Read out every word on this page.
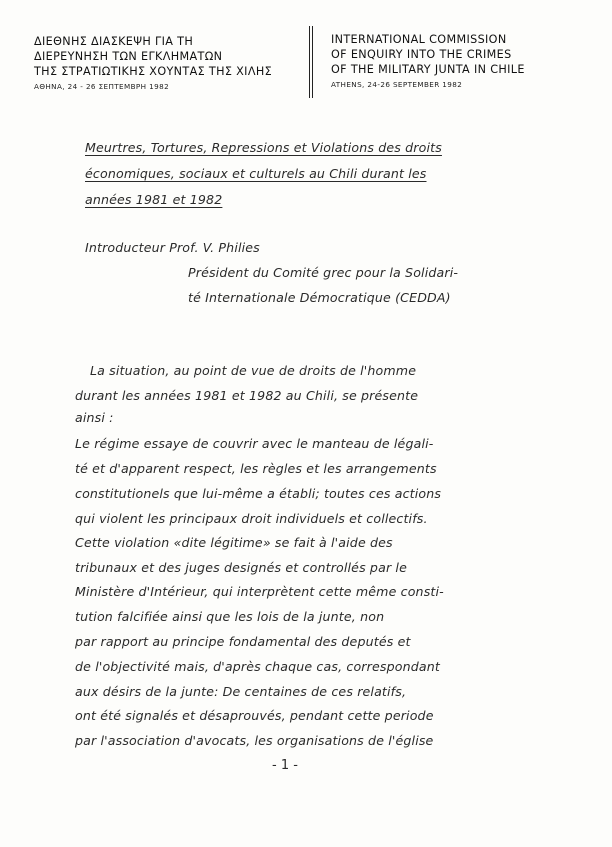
ΔΙΕΘΝΗΣ ΔΙΑΣΚΕΨΗ ΓΙΑ ΤΗ
ΔΙΕΡΕΥΝΗΣΗ ΤΩΝ ΕΓΚΛΗΜΑΤΩΝ
ΤΗΣ ΣΤΡΑΤΙΩΤΙΚΗΣ ΧΟΥΝΤΑΣ ΤΗΣ ΧΙΛΗΣ
ΑΘΗΝΑ, 24 - 26 ΣΕΠΤΕΜΒΡΗ 1982
INTERNATIONAL COMMISSION
OF ENQUIRY INTO THE CRIMES
OF THE MILITARY JUNTA IN CHILE
ATHENS, 24-26 SEPTEMBER 1982
Meurtres, Tortures, Repressions et Violations des droits
économiques, sociaux et culturels au Chili durant les
années 1981 et 1982
Introducteur Prof. V. Philies
Président du Comité grec pour la Solidari-
té Internationale Démocratique (CEDDA)
La situation, au point de vue de droits de l'homme
durant les années 1981 et 1982 au Chili, se présente
ainsi :
Le régime essaye de couvrir avec le manteau de légali-
té et d'apparent respect, les règles et les arrangements
constitutionels que lui-même a établi; toutes ces actions
qui violent les principaux droit individuels et collectifs.
Cette violation «dite légitime» se fait à l'aide des
tribunaux et des juges designés et controllés par le
Ministère d'Intérieur, qui interprètent cette même consti-
tution falcifiée ainsi que les lois de la junte, non
par rapport au principe fondamental des deputés et
de l'objectivité mais, d'après chaque cas, correspondant
aux désirs de la junte: De centaines de ces relatifs,
ont été signalés et désaprouvés, pendant cette periode
par l'association d'avocats, les organisations de l'église
- 1 -
